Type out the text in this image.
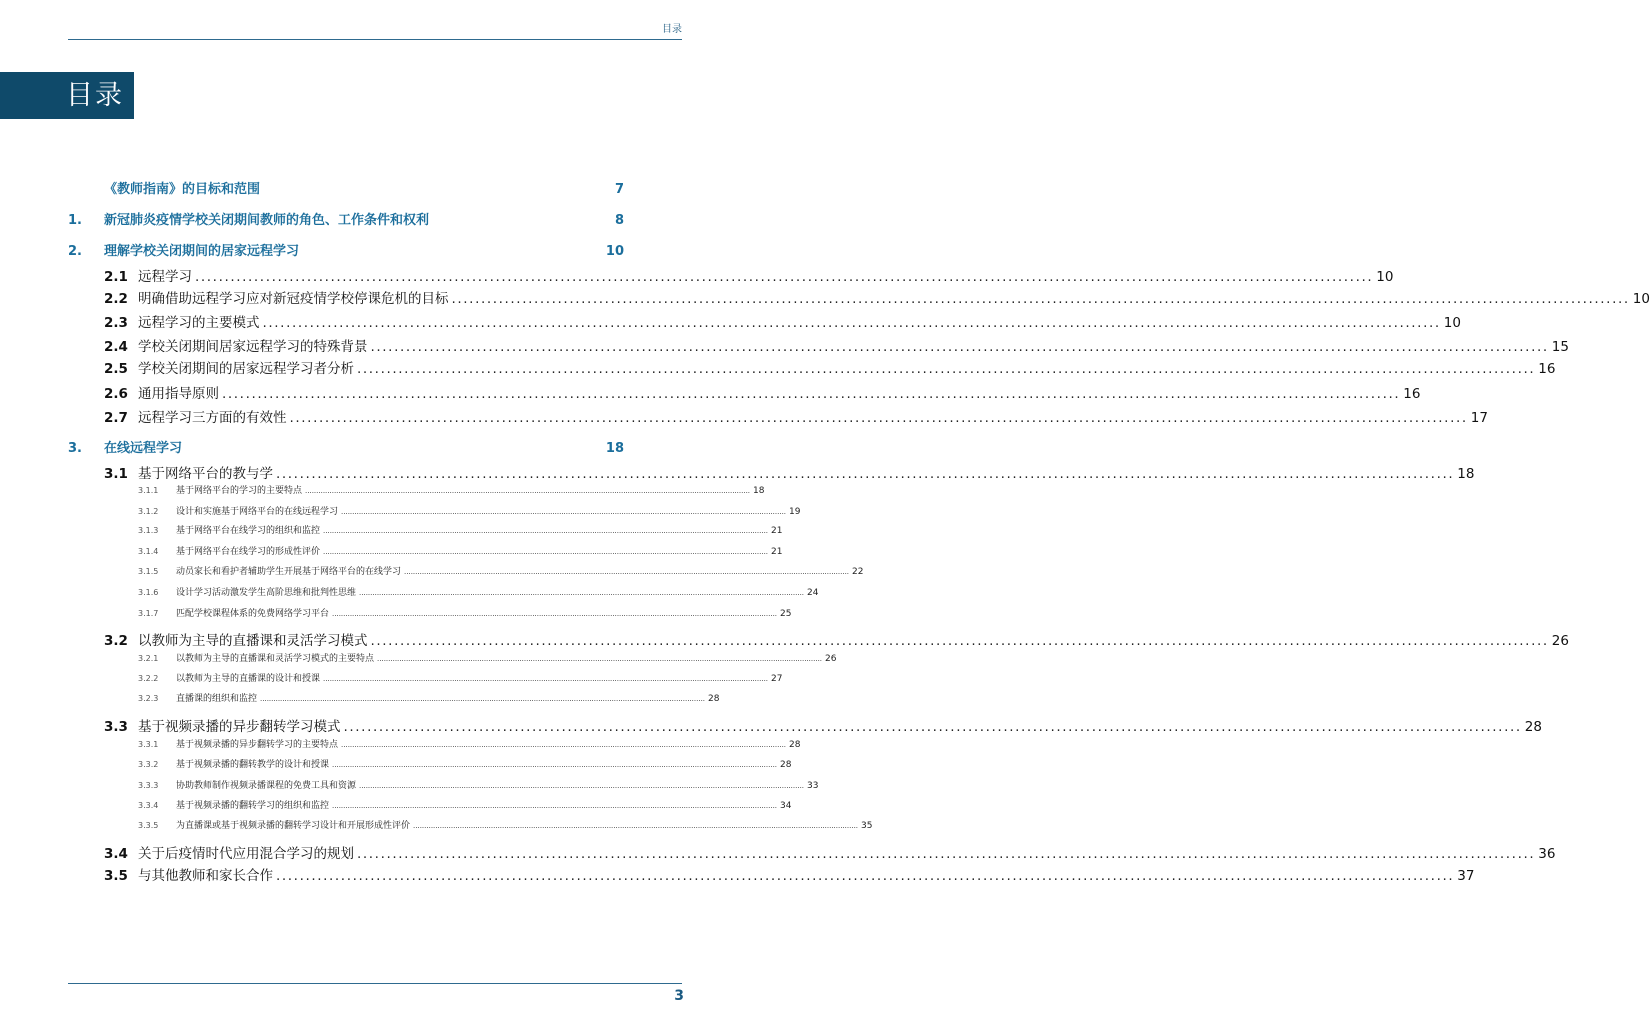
目录
目录
《教师指南》的目标和范围	7
1.	新冠肺炎疫情学校关闭期间教师的角色、工作条件和权利	8
2.	理解学校关闭期间的居家远程学习	10
2.1 远程学习 ........................................................................................................................................................................................................ 10
2.2 明确借助远程学习应对新冠疫情学校停课危机的目标 ........................................................................................................................................................................................................ 10
2.3 远程学习的主要模式 ........................................................................................................................................................................................................ 10
2.4 学校关闭期间居家远程学习的特殊背景 ........................................................................................................................................................................................................ 15
2.5 学校关闭期间的居家远程学习者分析 ........................................................................................................................................................................................................ 16
2.6 通用指导原则 ........................................................................................................................................................................................................ 16
2.7 远程学习三方面的有效性 ........................................................................................................................................................................................................ 17
3.	在线远程学习	18
3.1 基于网络平台的教与学 ........................................................................................................................................................................................................ 18
3.1.1	基于网络平台的学习的主要特点 ........................................................................................................................................................................................................ 18
3.1.2	设计和实施基于网络平台的在线远程学习 ........................................................................................................................................................................................................ 19
3.1.3	基于网络平台在线学习的组织和监控 ........................................................................................................................................................................................................ 21
3.1.4	基于网络平台在线学习的形成性评价 ........................................................................................................................................................................................................ 21
3.1.5	动员家长和看护者辅助学生开展基于网络平台的在线学习 ........................................................................................................................................................................................................ 22
3.1.6	设计学习活动激发学生高阶思维和批判性思维 ........................................................................................................................................................................................................ 24
3.1.7	匹配学校课程体系的免费网络学习平台 ........................................................................................................................................................................................................ 25
3.2 以教师为主导的直播课和灵活学习模式 ........................................................................................................................................................................................................ 26
3.2.1	以教师为主导的直播课和灵活学习模式的主要特点 ........................................................................................................................................................................................................ 26
3.2.2	以教师为主导的直播课的设计和授课 ........................................................................................................................................................................................................ 27
3.2.3	直播课的组织和监控 ........................................................................................................................................................................................................ 28
3.3 基于视频录播的异步翻转学习模式 ........................................................................................................................................................................................................ 28
3.3.1	基于视频录播的异步翻转学习的主要特点 ........................................................................................................................................................................................................ 28
3.3.2	基于视频录播的翻转教学的设计和授课 ........................................................................................................................................................................................................ 28
3.3.3	协助教师制作视频录播课程的免费工具和资源 ........................................................................................................................................................................................................ 33
3.3.4	基于视频录播的翻转学习的组织和监控 ........................................................................................................................................................................................................ 34
3.3.5	为直播课或基于视频录播的翻转学习设计和开展形成性评价 ........................................................................................................................................................................................................ 35
3.4 关于后疫情时代应用混合学习的规划 ........................................................................................................................................................................................................ 36
3.5 与其他教师和家长合作 ........................................................................................................................................................................................................ 37
3
